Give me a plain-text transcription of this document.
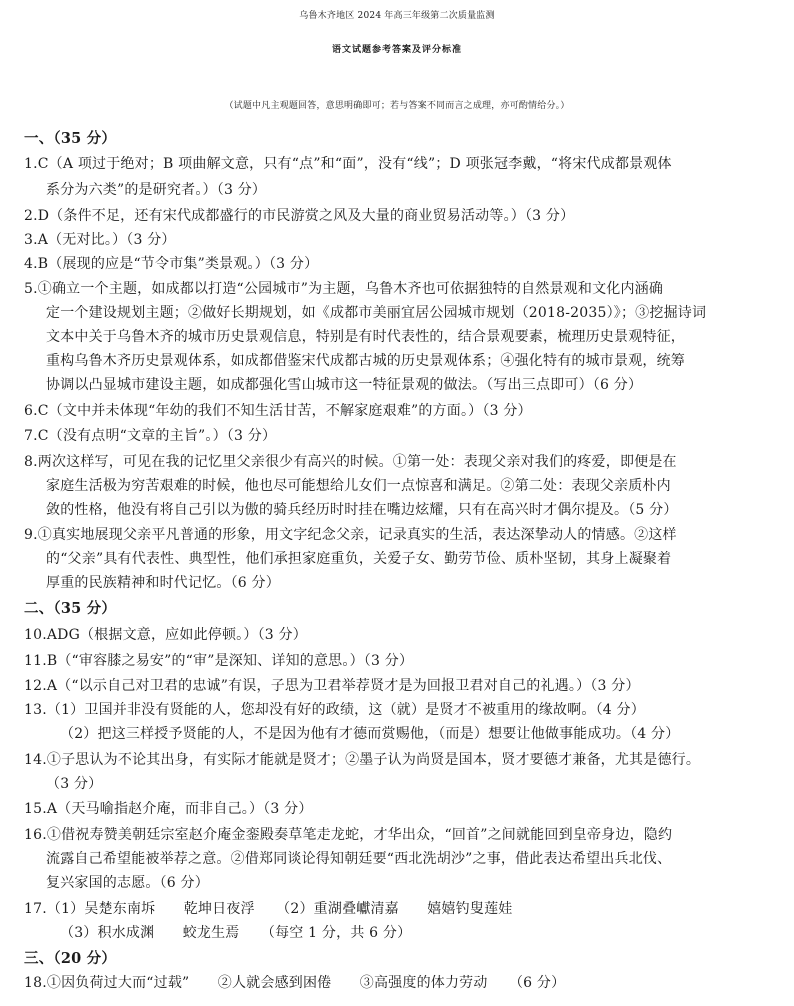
乌鲁木齐地区 2024 年高三年级第二次质量监测
语文试题参考答案及评分标准
（试题中凡主观题回答，意思明确即可；若与答案不同而言之成理，亦可酌情给分。）
一、（35 分）
1.C（A 项过于绝对；B 项曲解文意，只有“点”和“面”，没有“线”；D 项张冠李戴，“将宋代成都景观体
系分为六类”的是研究者。）（3 分）
2.D（条件不足，还有宋代成都盛行的市民游赏之风及大量的商业贸易活动等。）（3 分）
3.A（无对比。）（3 分）
4.B（展现的应是“节令市集”类景观。）（3 分）
5.①确立一个主题，如成都以打造“公园城市”为主题，乌鲁木齐也可依据独特的自然景观和文化内涵确
定一个建设规划主题；②做好长期规划，如《成都市美丽宜居公园城市规划（2018-2035）》；③挖掘诗词
文本中关于乌鲁木齐的城市历史景观信息，特别是有时代表性的，结合景观要素，梳理历史景观特征，
重构乌鲁木齐历史景观体系，如成都借鉴宋代成都古城的历史景观体系；④强化特有的城市景观，统筹
协调以凸显城市建设主题，如成都强化雪山城市这一特征景观的做法。（写出三点即可）（6 分）
6.C（文中并未体现“年幼的我们不知生活甘苦，不解家庭艰难”的方面。）（3 分）
7.C（没有点明“文章的主旨”。）（3 分）
8.两次这样写，可见在我的记忆里父亲很少有高兴的时候。①第一处：表现父亲对我们的疼爱，即便是在
家庭生活极为穷苦艰难的时候，他也尽可能想给儿女们一点惊喜和满足。②第二处：表现父亲质朴内
敛的性格，他没有将自己引以为傲的骑兵经历时时挂在嘴边炫耀，只有在高兴时才偶尔提及。（5 分）
9.①真实地展现父亲平凡普通的形象，用文字纪念父亲，记录真实的生活，表达深挚动人的情感。②这样
的“父亲”具有代表性、典型性，他们承担家庭重负，关爱子女、勤劳节俭、质朴坚韧，其身上凝聚着
厚重的民族精神和时代记忆。（6 分）
二、（35 分）
10.ADG（根据文意，应如此停顿。）（3 分）
11.B（“审容膝之易安”的“审”是深知、详知的意思。）（3 分）
12.A（“以示自己对卫君的忠诚”有误，子思为卫君举荐贤才是为回报卫君对自己的礼遇。）（3 分）
13.（1）卫国并非没有贤能的人，您却没有好的政绩，这（就）是贤才不被重用的缘故啊。（4 分）
（2）把这三样授予贤能的人，不是因为他有才德而赏赐他，（而是）想要让他做事能成功。（4 分）
14.①子思认为不论其出身，有实际才能就是贤才；②墨子认为尚贤是国本，贤才要德才兼备，尤其是德行。
（3 分）
15.A（天马喻指赵介庵，而非自己。）（3 分）
16.①借祝寿赞美朝廷宗室赵介庵金銮殿奏草笔走龙蛇，才华出众，“回首”之间就能回到皇帝身边，隐约
流露自己希望能被举荐之意。②借郑同谈论得知朝廷要“西北洗胡沙”之事，借此表达希望出兵北伐、
复兴家国的志愿。（6 分）
17.（1）吴楚东南坼　　乾坤日夜浮　　（2）重湖叠巘清嘉　　嬉嬉钓叟莲娃
（3）积水成渊　　蛟龙生焉　　（每空 1 分，共 6 分）
三、（20 分）
18.①因负荷过大而“过载”　　②人就会感到困倦　　③高强度的体力劳动　　（6 分）
